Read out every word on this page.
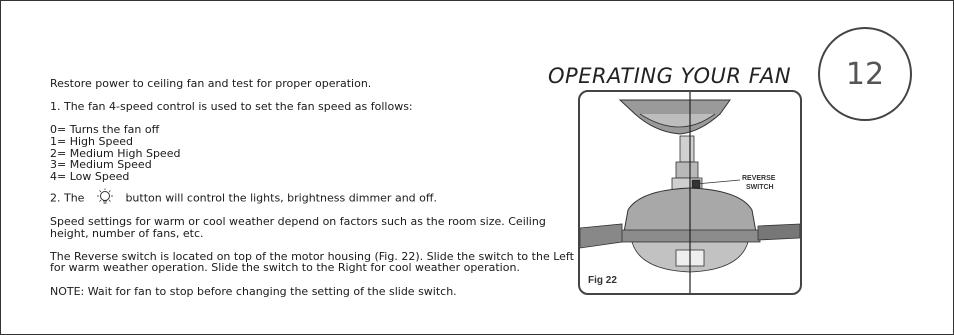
12
OPERATING YOUR FAN

Restore power to ceiling fan and test for proper operation.

1. The fan 4-speed control is used to set the fan speed as follows:

0= Turns the fan off

1= High Speed

2= Medium High Speed

3= Medium Speed

4= Low Speed

2. The	button will control the lights, brightness dimmer and off.

Speed settings for warm or cool weather depend on factors such as the room size. Ceiling height, number of fans, etc.

The Reverse switch is located on top of the motor housing (Fig. 22). Slide the switch to the Left for warm weather operation. Slide the switch to the Right for cool weather operation.

NOTE: Wait for fan to stop before changing the setting of the slide switch.

REVERSE
SWITCH
Fig 22
